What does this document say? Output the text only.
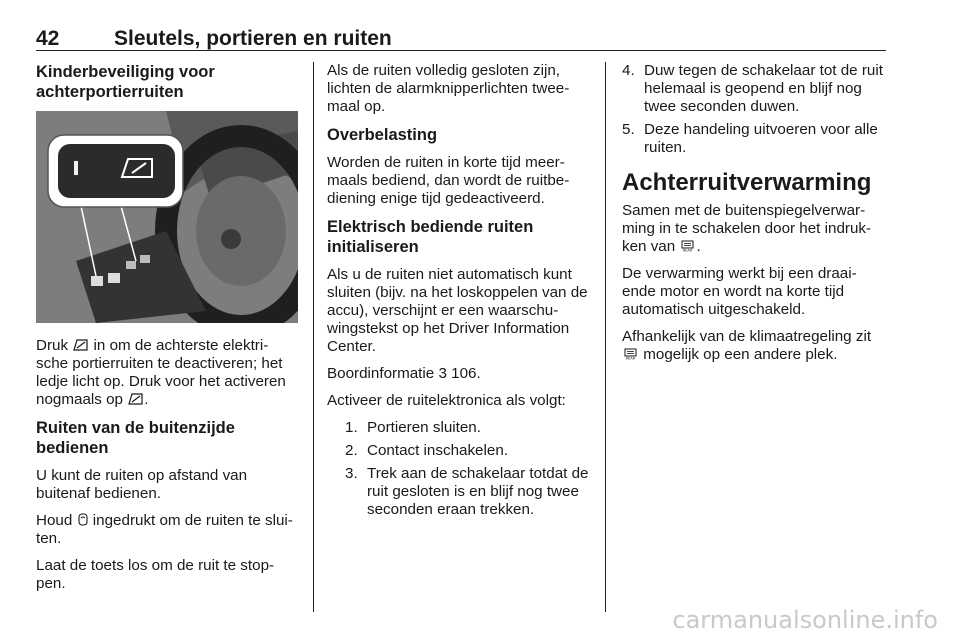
42	Sleutels, portieren en ruiten
Kinderbeveiliging voor achterportierruiten

Druk in om de achterste elektri-sche portierruiten te deactiveren; het ledje licht op. Druk voor het activeren nogmaals op .

Ruiten van de buitenzijde bedienen

U kunt de ruiten op afstand van buitenaf bedienen.

Houd ingedrukt om de ruiten te slui-ten.

Laat de toets los om de ruit te stop-pen.

Als de ruiten volledig gesloten zijn, lichten de alarmknipperlichten twee-maal op.

Overbelasting

Worden de ruiten in korte tijd meer-maals bediend, dan wordt de ruitbe-diening enige tijd gedeactiveerd.

Elektrisch bediende ruiten initialiseren

Als u de ruiten niet automatisch kunt sluiten (bijv. na het loskoppelen van de accu), verschijnt er een waarschu-wingstekst op het Driver Information Center.

Boordinformatie 3 106.

Activeer de ruitelektronica als volgt:

1. Portieren sluiten.
2. Contact inschakelen.
3. Trek aan de schakelaar totdat de ruit gesloten is en blijf nog twee seconden eraan trekken.
4. Duw tegen de schakelaar tot de ruit helemaal is geopend en blijf nog twee seconden duwen.
5. Deze handeling uitvoeren voor alle ruiten.
Achterruitverwarming

Samen met de buitenspiegelverwar-ming in te schakelen door het indruk-ken van REAR .

De verwarming werkt bij een draai-ende motor en wordt na korte tijd automatisch uitgeschakeld.

Afhankelijk van de klimaatregeling zit
REAR mogelijk op een andere plek.

carmanualsonline.info
